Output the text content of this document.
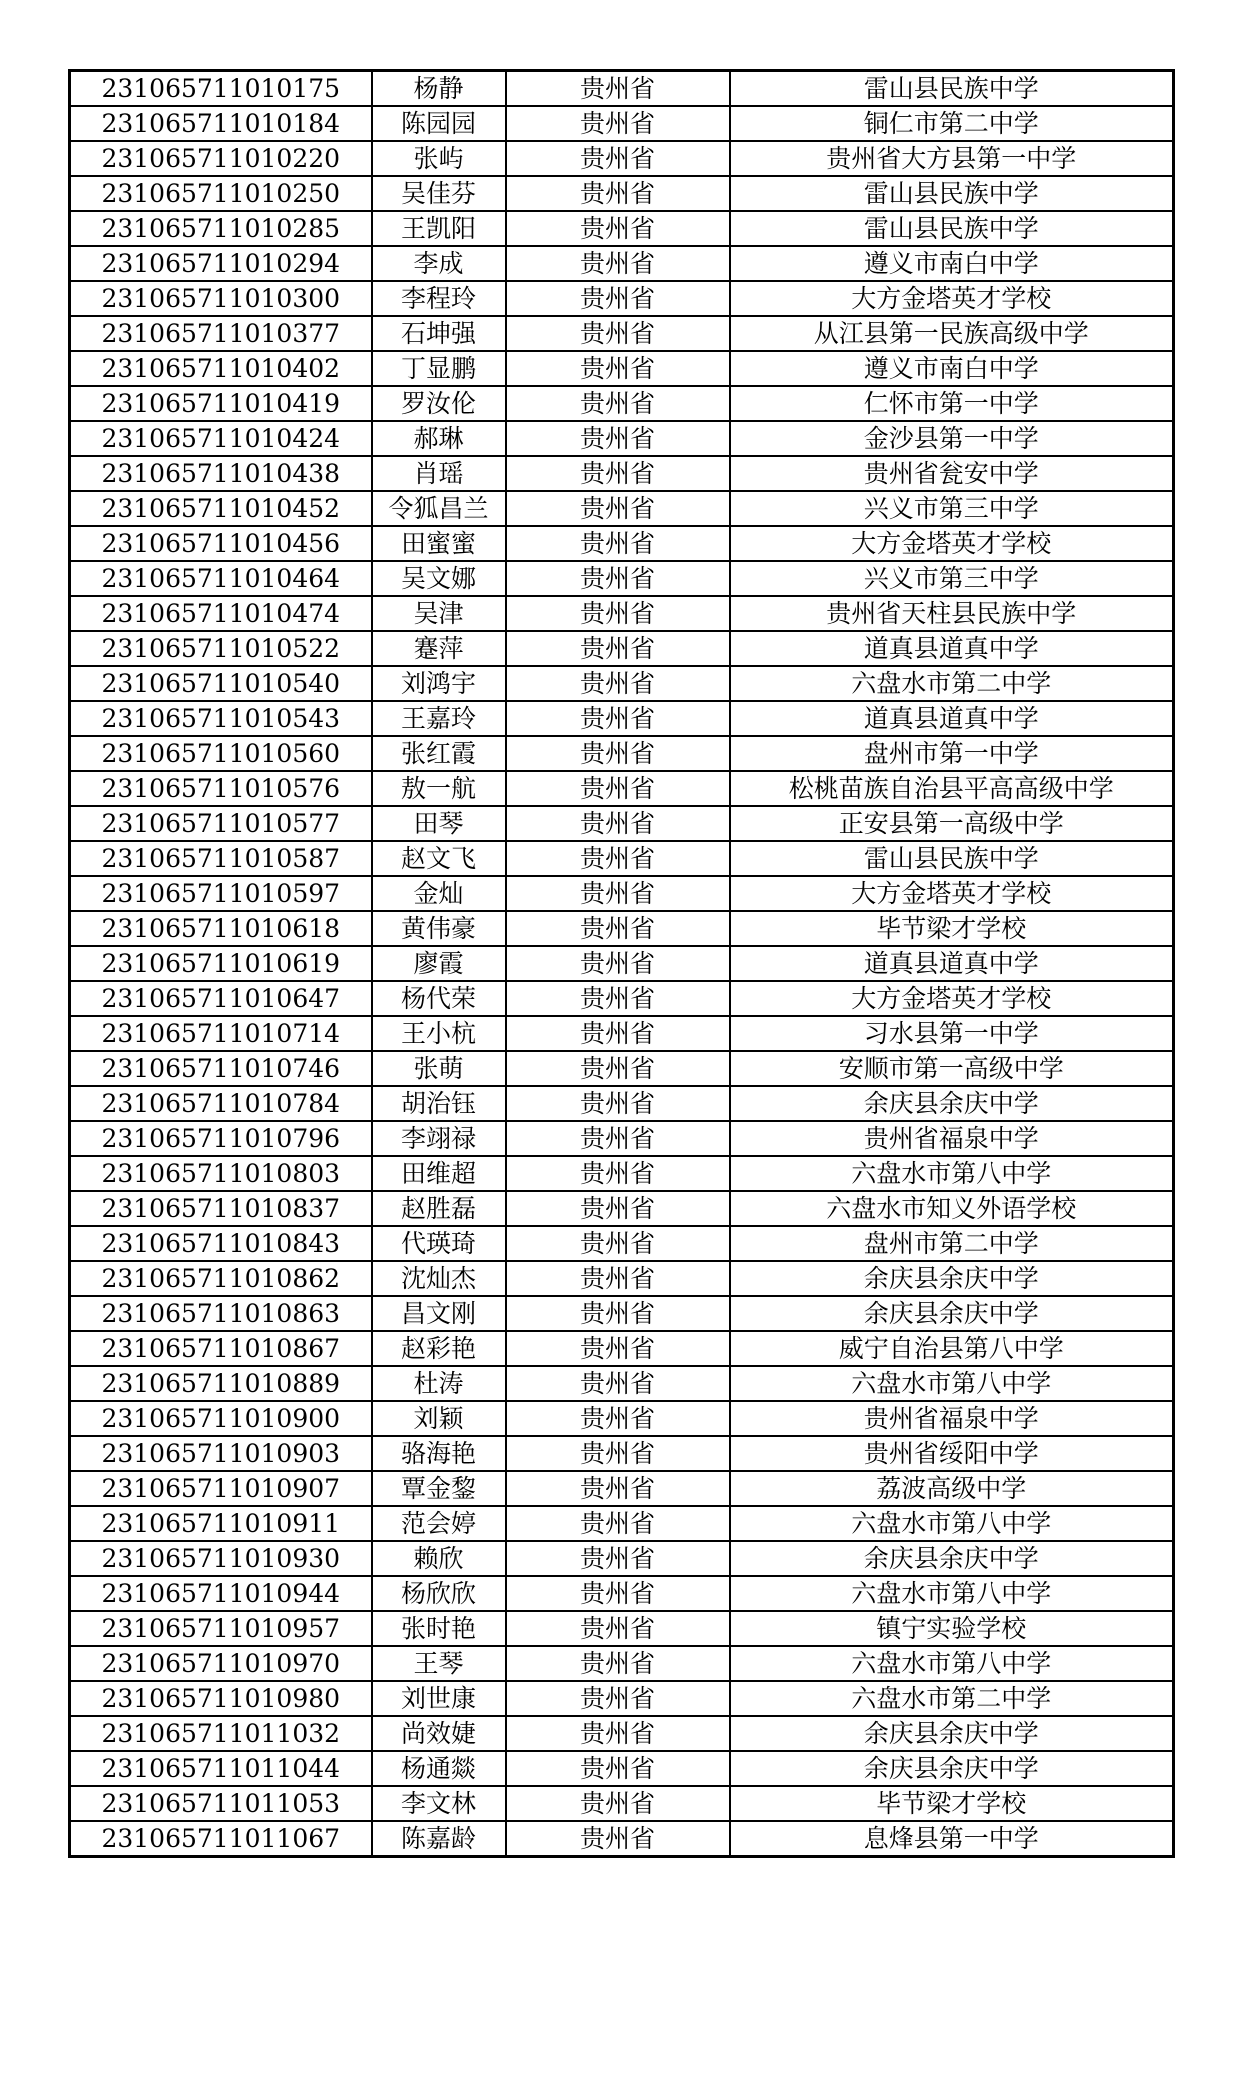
231065711010175	杨静	贵州省	雷山县民族中学
231065711010184	陈园园	贵州省	铜仁市第二中学
231065711010220	张屿	贵州省	贵州省大方县第一中学
231065711010250	吴佳芬	贵州省	雷山县民族中学
231065711010285	王凯阳	贵州省	雷山县民族中学
231065711010294	李成	贵州省	遵义市南白中学
231065711010300	李程玲	贵州省	大方金塔英才学校
231065711010377	石坤强	贵州省	从江县第一民族高级中学
231065711010402	丁显鹏	贵州省	遵义市南白中学
231065711010419	罗汝伦	贵州省	仁怀市第一中学
231065711010424	郝琳	贵州省	金沙县第一中学
231065711010438	肖瑶	贵州省	贵州省瓮安中学
231065711010452	令狐昌兰	贵州省	兴义市第三中学
231065711010456	田蜜蜜	贵州省	大方金塔英才学校
231065711010464	吴文娜	贵州省	兴义市第三中学
231065711010474	吴津	贵州省	贵州省天柱县民族中学
231065711010522	蹇萍	贵州省	道真县道真中学
231065711010540	刘鸿宇	贵州省	六盘水市第二中学
231065711010543	王嘉玲	贵州省	道真县道真中学
231065711010560	张红霞	贵州省	盘州市第一中学
231065711010576	敖一航	贵州省	松桃苗族自治县平高高级中学
231065711010577	田琴	贵州省	正安县第一高级中学
231065711010587	赵文飞	贵州省	雷山县民族中学
231065711010597	金灿	贵州省	大方金塔英才学校
231065711010618	黄伟豪	贵州省	毕节梁才学校
231065711010619	廖霞	贵州省	道真县道真中学
231065711010647	杨代荣	贵州省	大方金塔英才学校
231065711010714	王小杭	贵州省	习水县第一中学
231065711010746	张萌	贵州省	安顺市第一高级中学
231065711010784	胡治钰	贵州省	余庆县余庆中学
231065711010796	李翊禄	贵州省	贵州省福泉中学
231065711010803	田维超	贵州省	六盘水市第八中学
231065711010837	赵胜磊	贵州省	六盘水市知义外语学校
231065711010843	代瑛琦	贵州省	盘州市第二中学
231065711010862	沈灿杰	贵州省	余庆县余庆中学
231065711010863	昌文刚	贵州省	余庆县余庆中学
231065711010867	赵彩艳	贵州省	威宁自治县第八中学
231065711010889	杜涛	贵州省	六盘水市第八中学
231065711010900	刘颖	贵州省	贵州省福泉中学
231065711010903	骆海艳	贵州省	贵州省绥阳中学
231065711010907	覃金錅	贵州省	荔波高级中学
231065711010911	范会婷	贵州省	六盘水市第八中学
231065711010930	赖欣	贵州省	余庆县余庆中学
231065711010944	杨欣欣	贵州省	六盘水市第八中学
231065711010957	张时艳	贵州省	镇宁实验学校
231065711010970	王琴	贵州省	六盘水市第八中学
231065711010980	刘世康	贵州省	六盘水市第二中学
231065711011032	尚效婕	贵州省	余庆县余庆中学
231065711011044	杨通燚	贵州省	余庆县余庆中学
231065711011053	李文林	贵州省	毕节梁才学校
231065711011067	陈嘉龄	贵州省	息烽县第一中学
